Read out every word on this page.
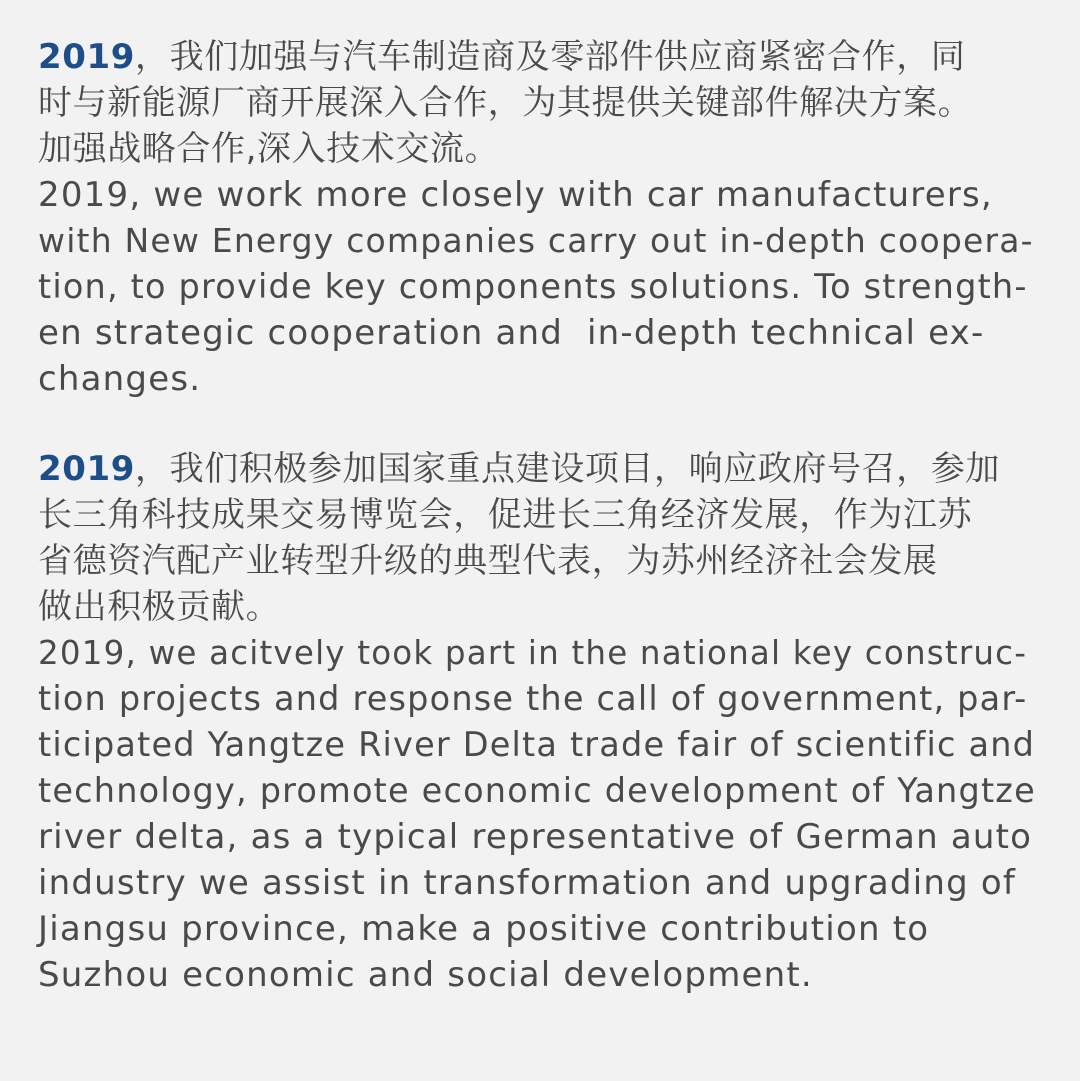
2019，我们加强与汽车制造商及零部件供应商紧密合作，同
时与新能源厂商开展深入合作，为其提供关键部件解决方案。
加强战略合作,深入技术交流。
2019, we work more closely with car manufacturers,
with New Energy companies carry out in-depth coopera-
tion, to provide key components solutions. To strength-
en strategic cooperation and  in-depth technical ex-
changes.
2019，我们积极参加国家重点建设项目，响应政府号召，参加
长三角科技成果交易博览会，促进长三角经济发展，作为江苏
省德资汽配产业转型升级的典型代表，为苏州经济社会发展
做出积极贡献。
2019, we acitvely took part in the national key construc-
tion projects and response the call of government, par-
ticipated Yangtze River Delta trade fair of scientific and
technology, promote economic development of Yangtze
river delta, as a typical representative of German auto
industry we assist in transformation and upgrading of
Jiangsu province, make a positive contribution to
Suzhou economic and social development.
